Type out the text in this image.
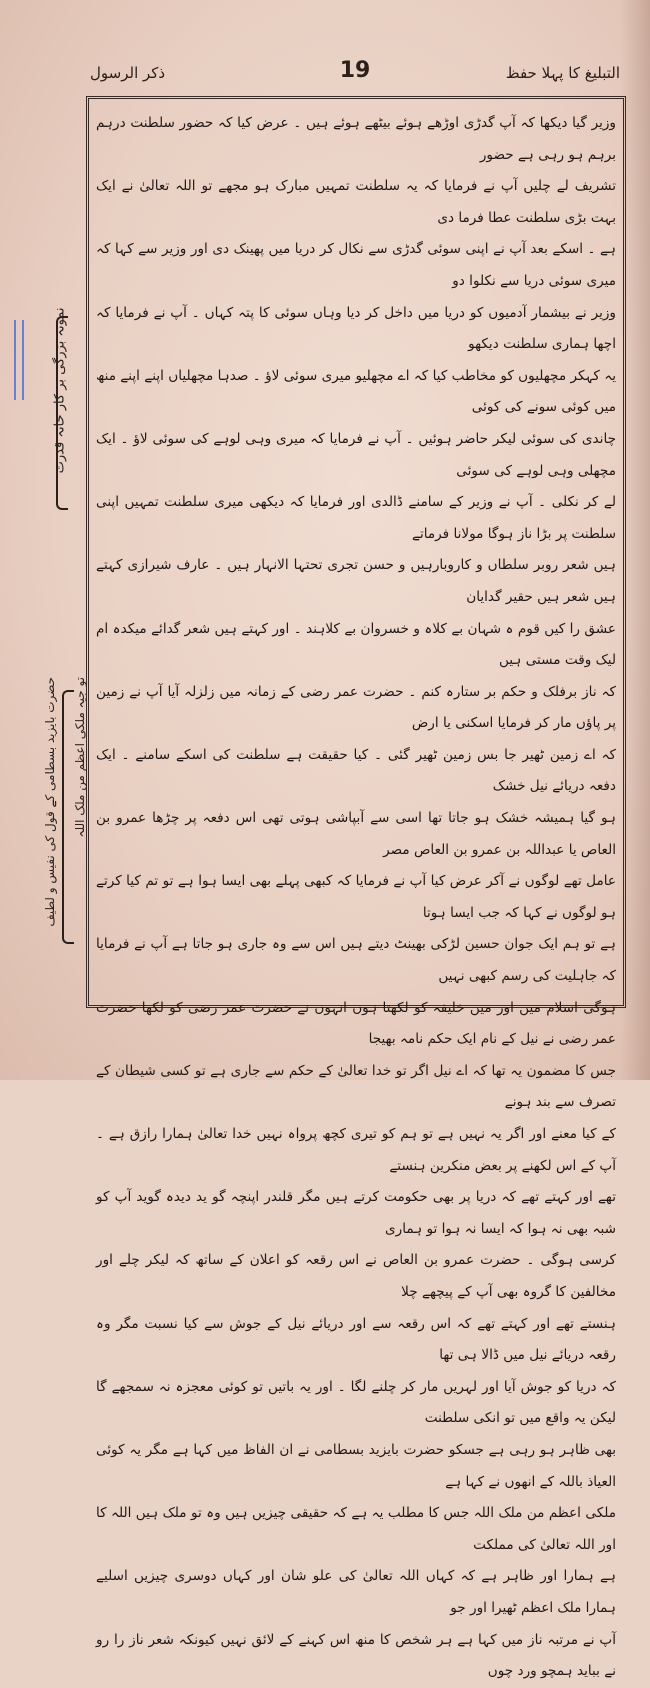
التبلیغ کا پہلا حفظ
19
ذکر الرسول

وزیر گیا دیکھا کہ آپ گدڑی اوڑھے ہوئے بیٹھے ہوئے ہیں ۔ عرض کیا کہ حضور سلطنت درہم برہم ہو رہی ہے حضور

تشریف لے چلیں آپ نے فرمایا کہ یہ سلطنت تمہیں مبارک ہو مجھے تو اللہ تعالیٰ نے ایک بہت بڑی سلطنت عطا فرما دی

ہے ۔ اسکے بعد آپ نے اپنی سوئی گدڑی سے نکال کر دریا میں پھینک دی اور وزیر سے کہا کہ میری سوئی دریا سے نکلوا دو

وزیر نے بیشمار آدمیوں کو دریا میں داخل کر دیا وہاں سوئی کا پتہ کہاں ۔ آپ نے فرمایا کہ اچھا ہماری سلطنت دیکھو

یہ کہکر مچھلیوں کو مخاطب کیا کہ اے مچھلیو میری سوئی لاؤ ۔ صدہا مچھلیاں اپنے اپنے منھ میں کوئی سونے کی کوئی

چاندی کی سوئی لیکر حاضر ہوئیں ۔ آپ نے فرمایا کہ میری وہی لوہے کی سوئی لاؤ ۔ ایک مچھلی وہی لوہے کی سوئی

لے کر نکلی ۔ آپ نے وزیر کے سامنے ڈالدی اور فرمایا کہ دیکھی میری سلطنت تمہیں اپنی سلطنت پر بڑا ناز ہوگا مولانا فرماتے

ہیں شعر روبر سلطاں و کاروبارہیں و حسن تجری تحتہا الانہار ہیں ۔ عارف شیرازی کہتے ہیں شعر ہیں حقیر گدایان

عشق را کیں قوم ہ شہان بے کلاہ و خسروان بے کلاہند ۔ اور کہتے ہیں شعر گدائے میکدہ ام لیک وقت مستی ہیں

کہ ناز برفلک و حکم بر ستارہ کنم ۔ حضرت عمر رضی کے زمانہ میں زلزلہ آیا آپ نے زمین پر پاؤں مار کر فرمایا اسکنی یا ارض

کہ اے زمین ٹھیر جا بس زمین ٹھیر گئی ۔ کیا حقیقت ہے سلطنت کی اسکے سامنے ۔ ایک دفعہ دریائے نیل خشک

ہو گیا ہمیشہ خشک ہو جاتا تھا اسی سے آبپاشی ہوتی تھی اس دفعہ پر چڑھا عمرو بن العاص یا عبداللہ بن عمرو بن العاص مصر

عامل تھے لوگوں نے آکر عرض کیا آپ نے فرمایا کہ کبھی پہلے بھی ایسا ہوا ہے تو تم کیا کرتے ہو لوگوں نے کہا کہ جب ایسا ہوتا

ہے تو ہم ایک جوان حسین لڑکی بھینٹ دیتے ہیں اس سے وہ جاری ہو جاتا ہے آپ نے فرمایا کہ جاہلیت کی رسم کبھی نہیں

ہوگی اسلام میں اور میں خلیفہ کو لکھتا ہوں انہوں نے حضرت عمر رضی کو لکھا حضرت عمر رضی نے نیل کے نام ایک حکم نامہ بھیجا

جس کا مضمون یہ تھا کہ اے نیل اگر تو خدا تعالیٰ کے حکم سے جاری ہے تو کسی شیطان کے تصرف سے بند ہونے

کے کیا معنے اور اگر یہ نہیں ہے تو ہم کو تیری کچھ پرواہ نہیں خدا تعالیٰ ہمارا رازق ہے ۔ آپ کے اس لکھنے پر بعض منکرین ہنستے

تھے اور کہتے تھے کہ دریا پر بھی حکومت کرتے ہیں مگر قلندر اپنچہ گو ید دیدہ گوید آپ کو شبہ بھی نہ ہوا کہ ایسا نہ ہوا تو ہماری

کرسی ہوگی ۔ حضرت عمرو بن العاص نے اس رقعہ کو اعلان کے ساتھ کہ لیکر چلے اور مخالفین کا گروہ بھی آپ کے پیچھے چلا

ہنستے تھے اور کہتے تھے کہ اس رقعہ سے اور دریائے نیل کے جوش سے کیا نسبت مگر وہ رقعہ دریائے نیل میں ڈالا ہی تھا

کہ دریا کو جوش آیا اور لہریں مار کر چلنے لگا ۔ اور یہ باتیں تو کوئی معجزہ نہ سمجھے گا لیکن یہ واقع میں تو انکی سلطنت

بھی ظاہر ہو رہی ہے جسکو حضرت بایزید بسطامی نے ان الفاظ میں کہا ہے مگر یہ کوئی العیاذ باللہ کے انھوں نے کہا ہے

ملکی اعظم من ملک اللہ جس کا مطلب یہ ہے کہ حقیقی چیزیں ہیں وہ تو ملک ہیں اللہ کا اور اللہ تعالیٰ کی مملکت

ہے ہمارا اور ظاہر ہے کہ کہاں اللہ تعالیٰ کی علو شان اور کہاں دوسری چیزیں اسلیے ہمارا ملک اعظم ٹھیرا اور جو

آپ نے مرتبہ ناز میں کہا ہے ہر شخص کا منھ اس کہنے کے لائق نہیں کیونکہ شعر ناز را رو نے بباید ہمچو ورد چوں

نمونہ بزرگی بر کار خانہ قدرت
حضرت بایزید بسطامی کے قول کی نفیس و لطیف تو جیہ ملکی اعظم من ملک اللہ
